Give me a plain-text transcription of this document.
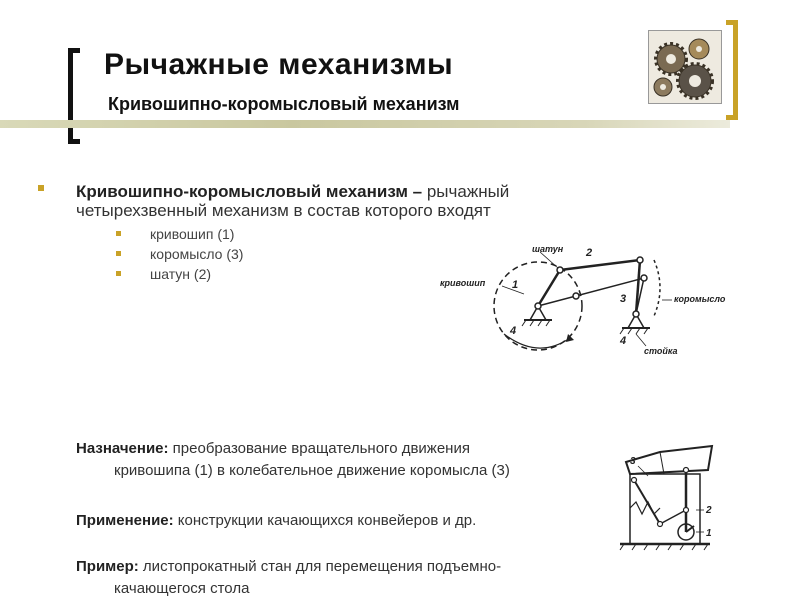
Рычажные механизмы
Кривошипно-коромысловый механизм
Кривошипно-коромысловый механизм – рычажный четырехзвенный механизм в состав которого входят
кривошип (1)
коромысло (3)
шатун (2)
шатун
кривошип
коромысло
стойка
2
1
3
4
4
Назначение: преобразование вращательного движения
кривошипа (1) в колебательное движение коромысла (3)
Применение: конструкции качающихся конвейеров и др.
Пример: листопрокатный стан для перемещения подъемно-
качающегося стола
3
2
1
